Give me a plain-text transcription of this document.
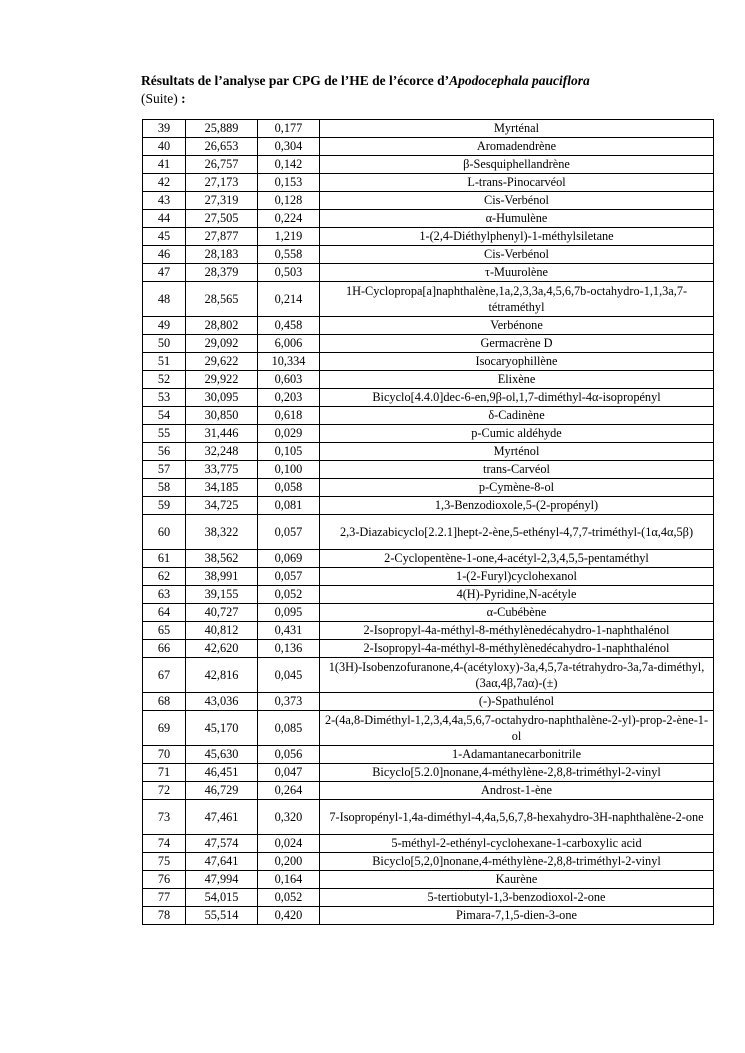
Résultats de l’analyse par CPG de l’HE de l’écorce d’Apodocephala pauciflora
(Suite) :
39	25,889	0,177	Myrténal
40	26,653	0,304	Aromadendrène
41	26,757	0,142	β-Sesquiphellandrène
42	27,173	0,153	L-trans-Pinocarvéol
43	27,319	0,128	Cis-Verbénol
44	27,505	0,224	α-Humulène
45	27,877	1,219	1-(2,4-Diéthylphenyl)-1-méthylsiletane
46	28,183	0,558	Cis-Verbénol
47	28,379	0,503	τ-Muurolène
48	28,565	0,214	1H-Cyclopropa[a]naphthalène,1a,2,3,3a,4,5,6,7b-octahydro-1,1,3a,7-tétraméthyl
49	28,802	0,458	Verbénone
50	29,092	6,006	Germacrène D
51	29,622	10,334	Isocaryophillène
52	29,922	0,603	Elixène
53	30,095	0,203	Bicyclo[4.4.0]dec-6-en,9β-ol,1,7-diméthyl-4α-isopropényl
54	30,850	0,618	δ-Cadinène
55	31,446	0,029	p-Cumic aldéhyde
56	32,248	0,105	Myrténol
57	33,775	0,100	trans-Carvéol
58	34,185	0,058	p-Cymène-8-ol
59	34,725	0,081	1,3-Benzodioxole,5-(2-propényl)
60	38,322	0,057	2,3-Diazabicyclo[2.2.1]hept-2-ène,5-ethényl-4,7,7-triméthyl-(1α,4α,5β)
61	38,562	0,069	2-Cyclopentène-1-one,4-acétyl-2,3,4,5,5-pentaméthyl
62	38,991	0,057	1-(2-Furyl)cyclohexanol
63	39,155	0,052	4(H)-Pyridine,N-acétyle
64	40,727	0,095	α-Cubébène
65	40,812	0,431	2-Isopropyl-4a-méthyl-8-méthylènedécahydro-1-naphthalénol
66	42,620	0,136	2-Isopropyl-4a-méthyl-8-méthylènedécahydro-1-naphthalénol
67	42,816	0,045	1(3H)-Isobenzofuranone,4-(acétyloxy)-3a,4,5,7a-tétrahydro-3a,7a-diméthyl,(3aα,4β,7aα)-(±)
68	43,036	0,373	(-)-Spathulénol
69	45,170	0,085	2-(4a,8-Diméthyl-1,2,3,4,4a,5,6,7-octahydro-naphthalène-2-yl)-prop-2-ène-1-ol
70	45,630	0,056	1-Adamantanecarbonitrile
71	46,451	0,047	Bicyclo[5.2.0]nonane,4-méthylène-2,8,8-triméthyl-2-vinyl
72	46,729	0,264	Androst-1-ène
73	47,461	0,320	7-Isopropényl-1,4a-diméthyl-4,4a,5,6,7,8-hexahydro-3H-naphthalène-2-one
74	47,574	0,024	5-méthyl-2-ethényl-cyclohexane-1-carboxylic acid
75	47,641	0,200	Bicyclo[5,2,0]nonane,4-méthylène-2,8,8-triméthyl-2-vinyl
76	47,994	0,164	Kaurène
77	54,015	0,052	5-tertiobutyl-1,3-benzodioxol-2-one
78	55,514	0,420	Pimara-7,1,5-dien-3-one
